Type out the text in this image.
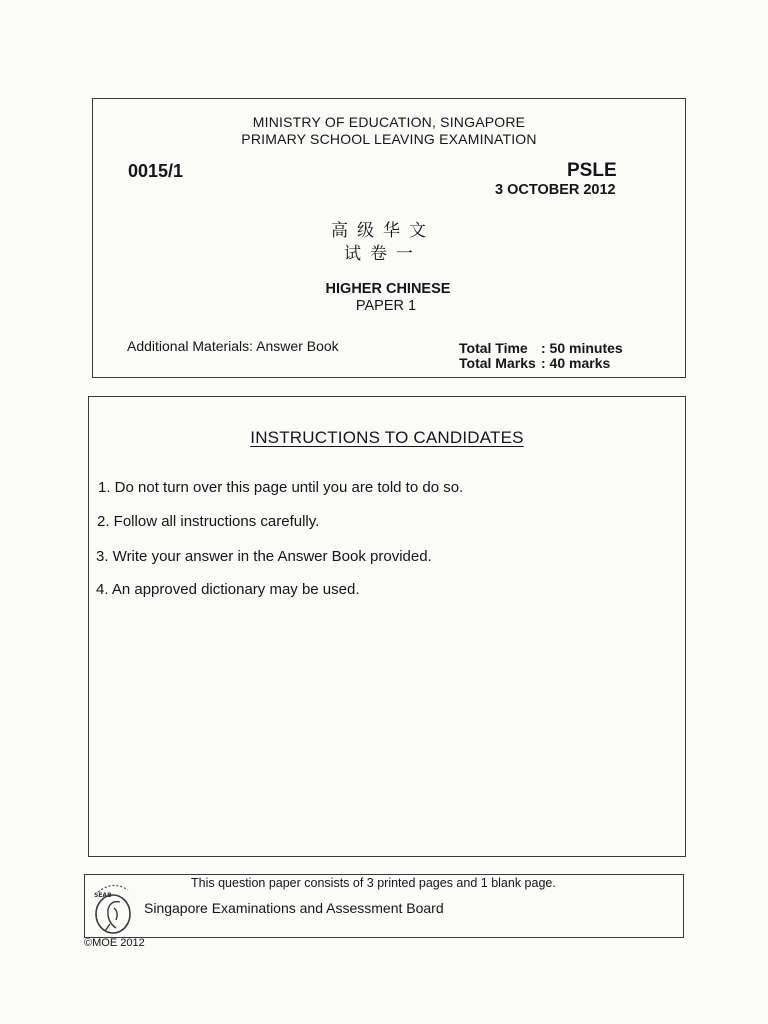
MINISTRY OF EDUCATION, SINGAPORE
PRIMARY SCHOOL LEAVING EXAMINATION
0015/1	PSLE
3 OCTOBER 2012
高级华文
试卷一
HIGHER CHINESE
PAPER 1
Additional Materials: Answer Book	Total Time : 50 minutes
Total Marks : 40 marks
INSTRUCTIONS TO CANDIDATES
1. Do not turn over this page until you are told to do so.
2. Follow all instructions carefully.
3. Write your answer in the Answer Book provided.
4. An approved dictionary may be used.
SEAB
This question paper consists of 3 printed pages and 1 blank page.
Singapore Examinations and Assessment Board
©MOE 2012
